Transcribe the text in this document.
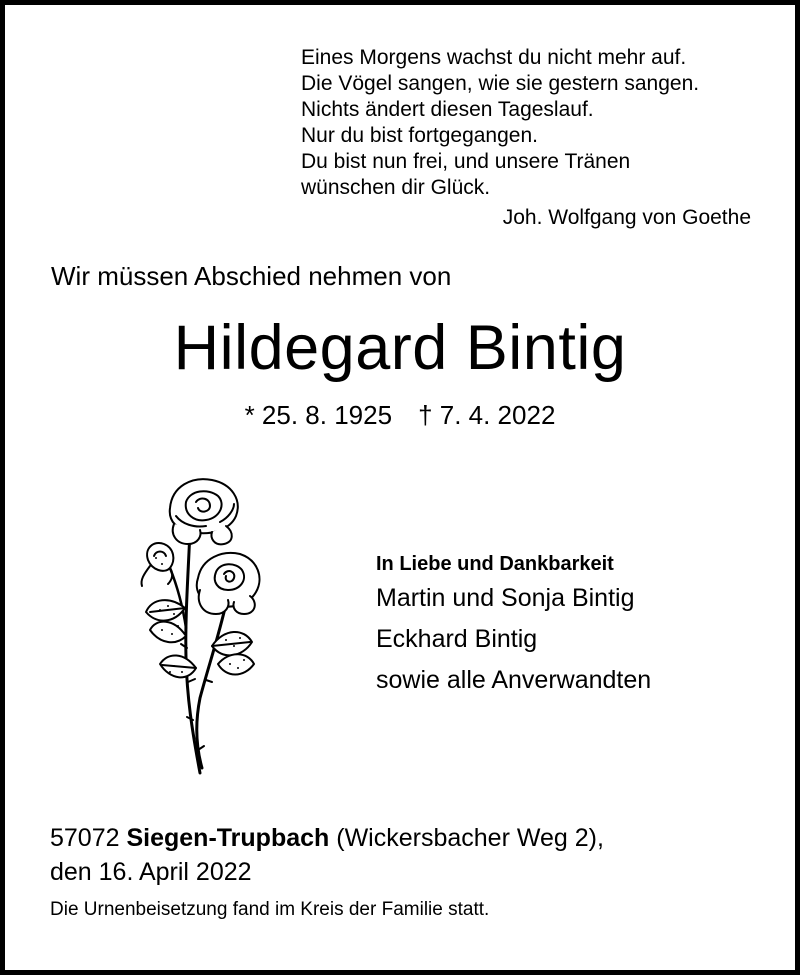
Eines Morgens wachst du nicht mehr auf.
Die Vögel sangen, wie sie gestern sangen.
Nichts ändert diesen Tageslauf.
Nur du bist fortgegangen.
Du bist nun frei, und unsere Tränen
wünschen dir Glück.
Joh. Wolfgang von Goethe
Wir müssen Abschied nehmen von
Hildegard Bintig
* 25. 8. 1925 † 7. 4. 2022
In Liebe und Dankbarkeit
Martin und Sonja Bintig
Eckhard Bintig
sowie alle Anverwandten
57072 Siegen-Trupbach (Wickersbacher Weg 2),
den 16. April 2022
Die Urnenbeisetzung fand im Kreis der Familie statt.
